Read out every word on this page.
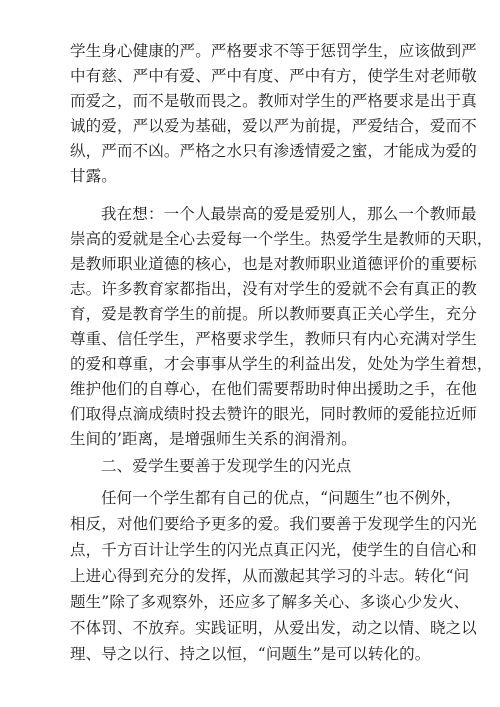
学生身心健康的严。严格要求不等于惩罚学生，应该做到严
中有慈、严中有爱、严中有度、严中有方，使学生对老师敬
而爱之，而不是敬而畏之。教师对学生的严格要求是出于真
诚的爱，严以爱为基础，爱以严为前提，严爱结合，爱而不
纵，严而不凶。严格之水只有渗透情爱之蜜，才能成为爱的
甘露。
我在想：一个人最崇高的爱是爱别人，那么一个教师最
崇高的爱就是全心去爱每一个学生。热爱学生是教师的天职，
是教师职业道德的核心，也是对教师职业道德评价的重要标
志。许多教育家都指出，没有对学生的爱就不会有真正的教
育，爱是教育学生的前提。所以教师要真正关心学生，充分
尊重、信任学生，严格要求学生，教师只有内心充满对学生
的爱和尊重，才会事事从学生的利益出发，处处为学生着想，
维护他们的自尊心，在他们需要帮助时伸出援助之手，在他
们取得点滴成绩时投去赞许的眼光，同时教师的爱能拉近师
生间的’距离，是增强师生关系的润滑剂。
二、爱学生要善于发现学生的闪光点
任何一个学生都有自己的优点，“问题生”也不例外，
相反，对他们要给予更多的爱。我们要善于发现学生的闪光
点，千方百计让学生的闪光点真正闪光，使学生的自信心和
上进心得到充分的发挥，从而激起其学习的斗志。转化“问
题生”除了多观察外，还应多了解多关心、多谈心少发火、
不体罚、不放弃。实践证明，从爱出发，动之以情、晓之以
理、导之以行、持之以恒，“问题生”是可以转化的。
